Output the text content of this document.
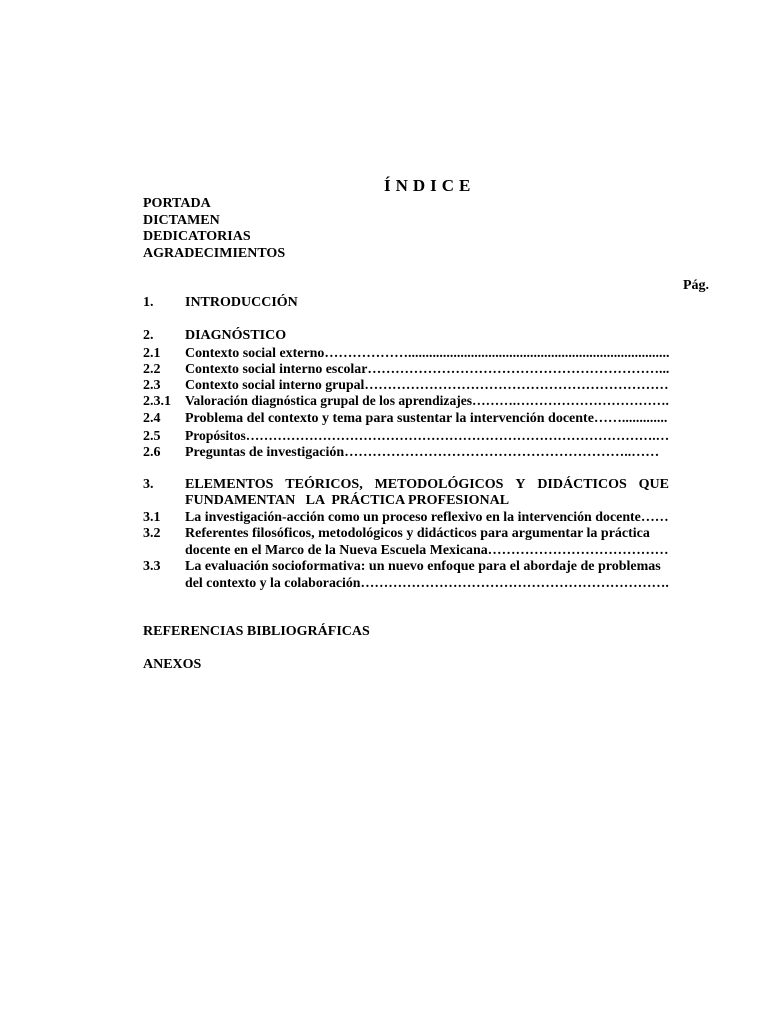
ÍNDICE
PORTADA
DICTAMEN
DEDICATORIAS
AGRADECIMIENTOS
Pág.
1. INTRODUCCIÓN
2. DIAGNÓSTICO
2.1 Contexto social externo………………...........................................................................
2.2 Contexto social interno escolar………………………………………………………...
2.3 Contexto social interno grupal…………………………………………………………
2.3.1 Valoración diagnóstica grupal de los aprendizajes……….…………………………….
2.4 Problema del contexto y tema para sustentar la intervención docente…….............
2.5 Propósitos……………………………………………………………………………….…
2.6 Preguntas de investigación……………………………………………………..……
3. ELEMENTOS TEÓRICOS, METODOLÓGICOS Y DIDÁCTICOS QUE
FUNDAMENTAN   LA  PRÁCTICA PROFESIONAL
3.1 La investigación-acción como un proceso reflexivo en la intervención docente……
3.2 Referentes filosóficos, metodológicos y didácticos para argumentar la práctica
docente en el Marco de la Nueva Escuela Mexicana…………………………………
3.3 La evaluación socioformativa: un nuevo enfoque para el abordaje de problemas
del contexto y la colaboración………………………………………………………….
REFERENCIAS BIBLIOGRÁFICAS
ANEXOS
